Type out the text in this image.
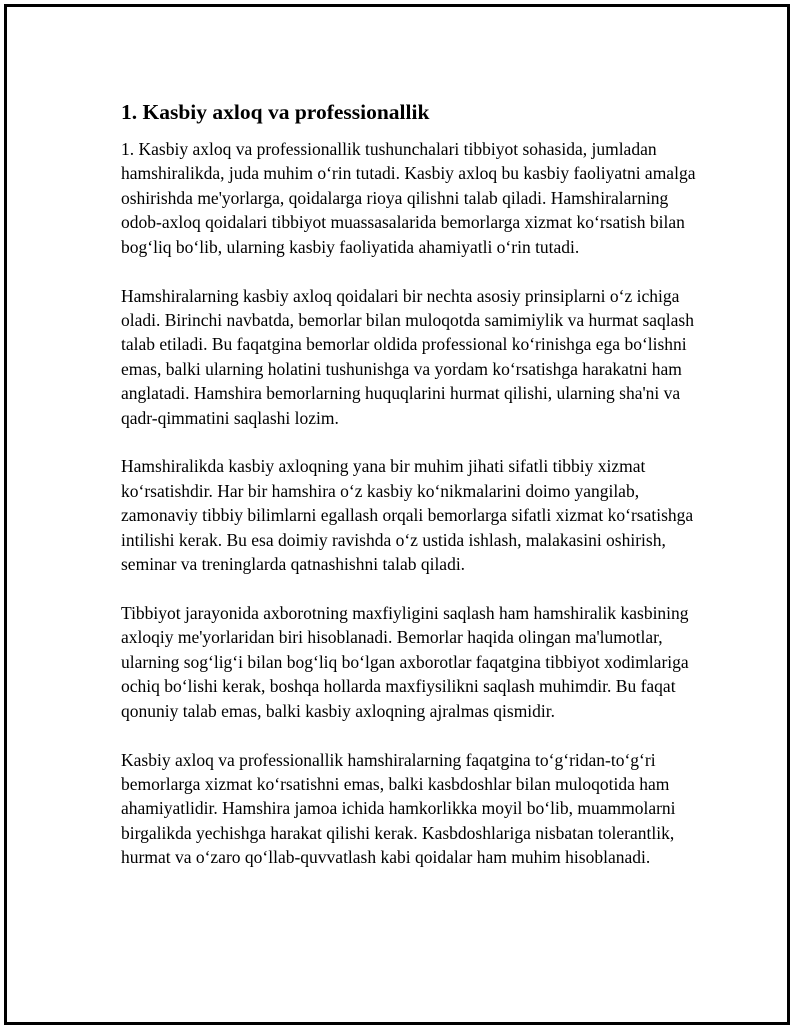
1. Kasbiy axloq va professionallik

1. Kasbiy axloq va professionallik tushunchalari tibbiyot sohasida, jumladan hamshiralikda, juda muhim o‘rin tutadi. Kasbiy axloq bu kasbiy faoliyatni amalga oshirishda me'yorlarga, qoidalarga rioya qilishni talab qiladi. Hamshiralarning odob-axloq qoidalari tibbiyot muassasalarida bemorlarga xizmat ko‘rsatish bilan bog‘liq bo‘lib, ularning kasbiy faoliyatida ahamiyatli o‘rin tutadi.

Hamshiralarning kasbiy axloq qoidalari bir nechta asosiy prinsiplarni o‘z ichiga oladi. Birinchi navbatda, bemorlar bilan muloqotda samimiylik va hurmat saqlash talab etiladi. Bu faqatgina bemorlar oldida professional ko‘rinishga ega bo‘lishni emas, balki ularning holatini tushunishga va yordam ko‘rsatishga harakatni ham anglatadi. Hamshira bemorlarning huquqlarini hurmat qilishi, ularning sha'ni va qadr-qimmatini saqlashi lozim.

Hamshiralikda kasbiy axloqning yana bir muhim jihati sifatli tibbiy xizmat ko‘rsatishdir. Har bir hamshira o‘z kasbiy ko‘nikmalarini doimo yangilab, zamonaviy tibbiy bilimlarni egallash orqali bemorlarga sifatli xizmat ko‘rsatishga intilishi kerak. Bu esa doimiy ravishda o‘z ustida ishlash, malakasini oshirish, seminar va treninglarda qatnashishni talab qiladi.

Tibbiyot jarayonida axborotning maxfiyligini saqlash ham hamshiralik kasbining axloqiy me'yorlaridan biri hisoblanadi. Bemorlar haqida olingan ma'lumotlar, ularning sog‘lig‘i bilan bog‘liq bo‘lgan axborotlar faqatgina tibbiyot xodimlariga ochiq bo‘lishi kerak, boshqa hollarda maxfiysilikni saqlash muhimdir. Bu faqat qonuniy talab emas, balki kasbiy axloqning ajralmas qismidir.

Kasbiy axloq va professionallik hamshiralarning faqatgina to‘g‘ridan-to‘g‘ri bemorlarga xizmat ko‘rsatishni emas, balki kasbdoshlar bilan muloqotida ham ahamiyatlidir. Hamshira jamoa ichida hamkorlikka moyil bo‘lib, muammolarni birgalikda yechishga harakat qilishi kerak. Kasbdoshlariga nisbatan tolerantlik, hurmat va o‘zaro qo‘llab-quvvatlash kabi qoidalar ham muhim hisoblanadi.
